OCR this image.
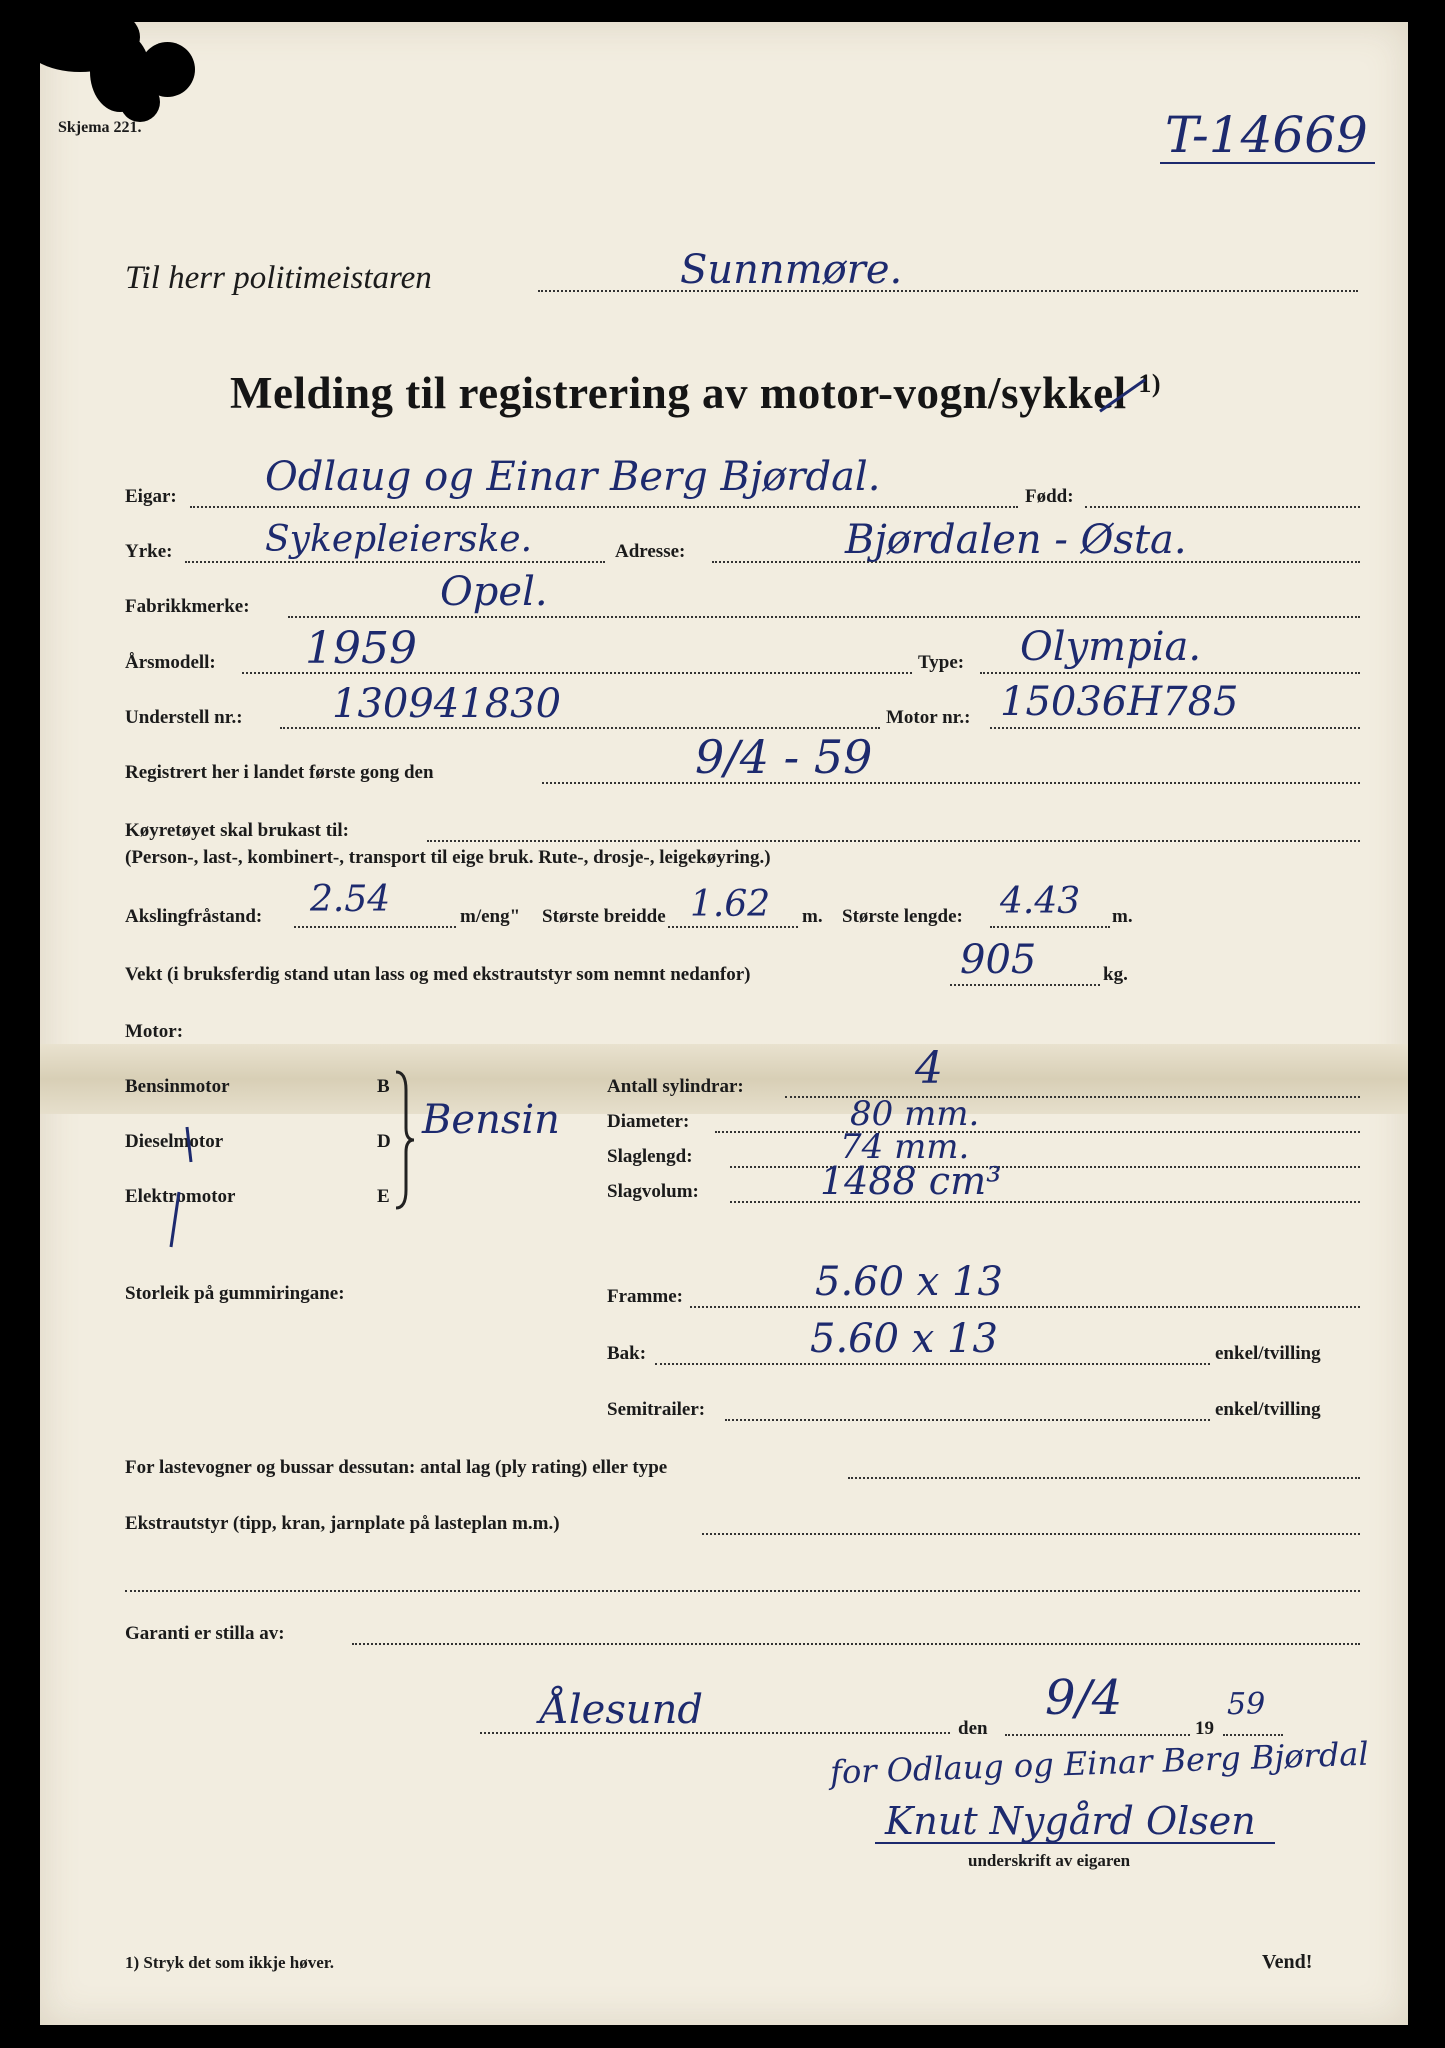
Skjema 221.	T-14669
Til herr politimeistaren	Sunnmøre.
Melding til registrering av motor-vogn/sykkel $^{1)}$
Eigar: Odlaug og Einar Berg Bjørdal.	Fødd:
Yrke:	Sykepleierske.	Adresse:	Bjørdalen - Østa.
Fabrikkmerke:	Opel.
Årsmodell: 1959	Type: Olympia.
Understell nr.: 130941830	Motor nr.: 15036H785
Registrert her i landet første gong den	9/4 - 59
Køyretøyet skal brukast til:
(Person-, last-, kombinert-, transport til eige bruk. Rute-, drosje-, leigekøyring.)
Akslingfråstand: 2.54	m/eng" Største breidde 1.62 m. Største lengde: 4.43 m.
Vekt (i bruksferdig stand utan lass og med ekstrautstyr som nemnt nedanfor)	905	kg.
Motor:
Bensinmotor	B
Dieselmotor	D
Elektromotor	E
Bensin
Antall sylindrar:	4
Diameter:	80 mm.
Slaglengd:	74 mm.
Slagvolum:	1488 cm³
Storleik på gummiringane:	Framme:	5.60 x 13
Bak:	5.60 x 13	enkel/tvilling
Semitrailer:	enkel/tvilling
For lastevogner og bussar dessutan: antal lag (ply rating) eller type
Ekstrautstyr (tipp, kran, jarnplate på lasteplan m.m.)
Garanti er stilla av:
Ålesund	den
9/4
19
59
for Odlaug og Einar Berg Bjørdal
Knut Nygård Olsen
underskrift av eigaren
1) Stryk det som ikkje høver.	Vend!
